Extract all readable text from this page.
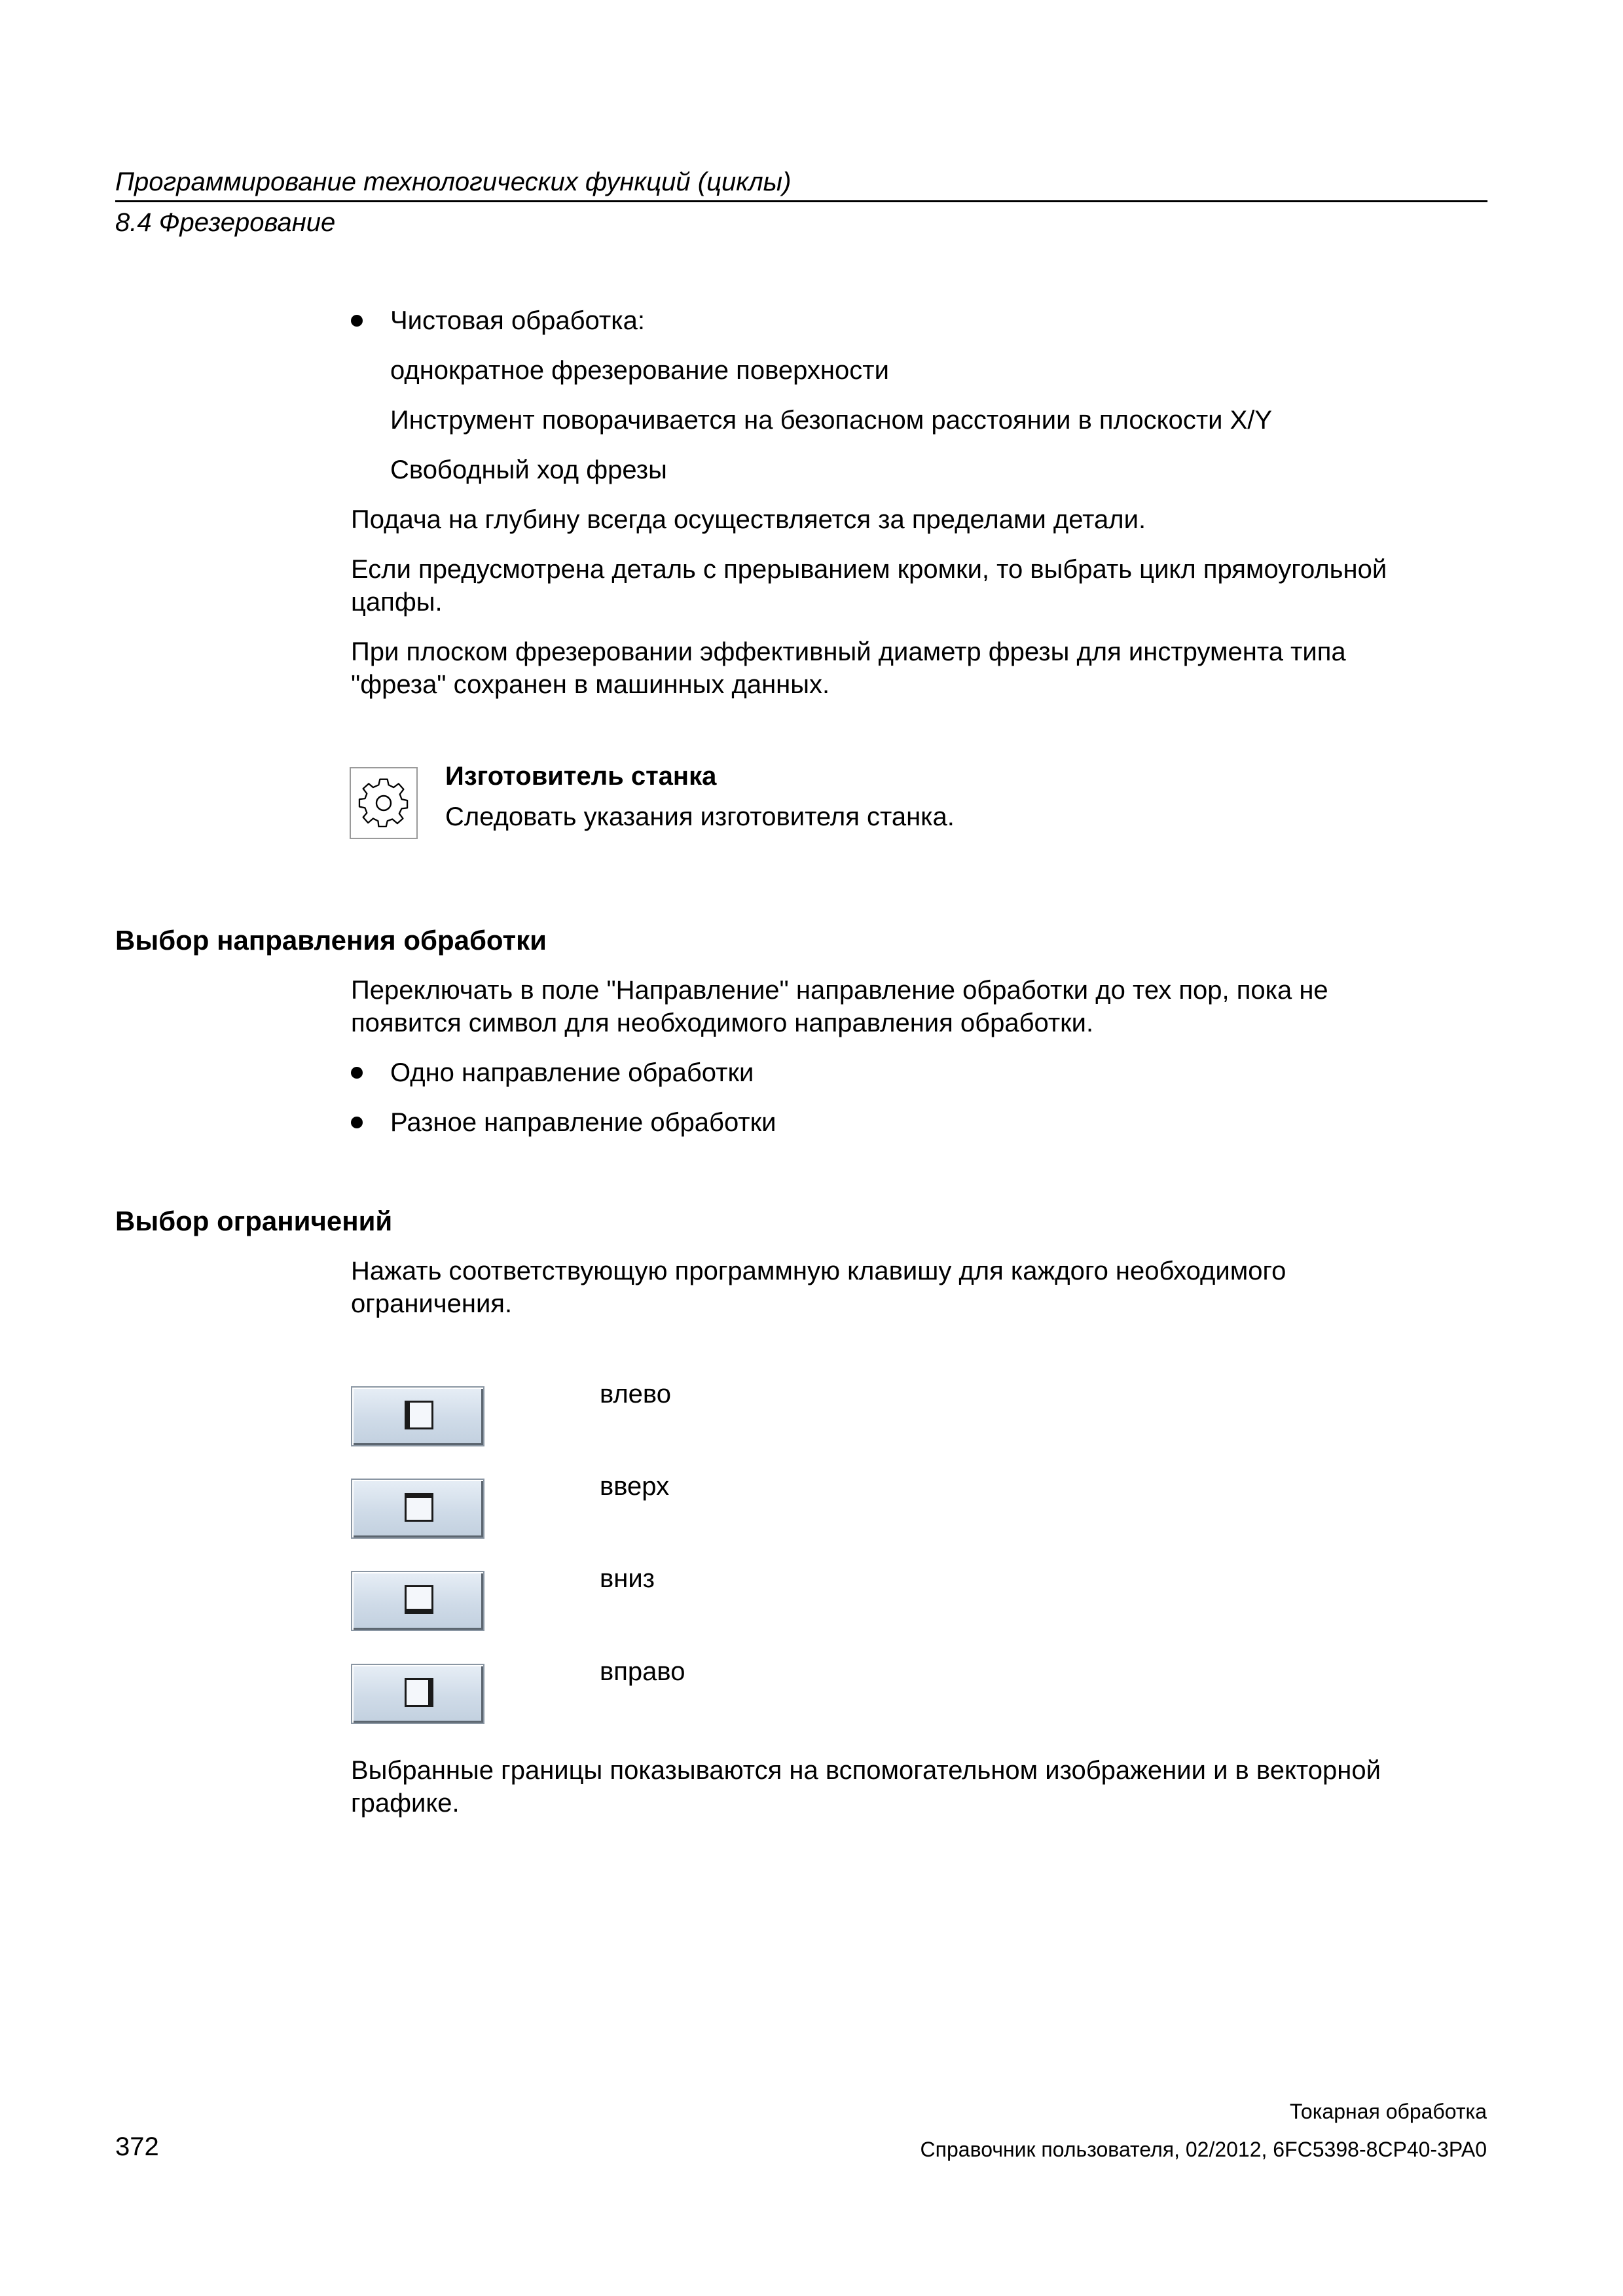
Программирование технологических функций (циклы)
8.4 Фрезерование
Чистовая обработка:
однократное фрезерование поверхности
Инструмент поворачивается на безопасном расстоянии в плоскости X/Y
Свободный ход фрезы
Подача на глубину всегда осуществляется за пределами детали.
Если предусмотрена деталь с прерыванием кромки, то выбрать цикл прямоугольной
цапфы.
При плоском фрезеровании эффективный диаметр фрезы для инструмента типа
"фреза" сохранен в машинных данных.
Изготовитель станка
Следовать указания изготовителя станка.
Выбор направления обработки
Переключать в поле "Направление" направление обработки до тех пор, пока не
появится символ для необходимого направления обработки.
Одно направление обработки
Разное направление обработки
Выбор ограничений
Нажать соответствующую программную клавишу для каждого необходимого
ограничения.
влево
вверх
вниз
вправо
Выбранные границы показываются на вспомогательном изображении и в векторной
графике.
372
Токарная обработка
Справочник пользователя, 02/2012, 6FC5398-8CP40-3PA0
